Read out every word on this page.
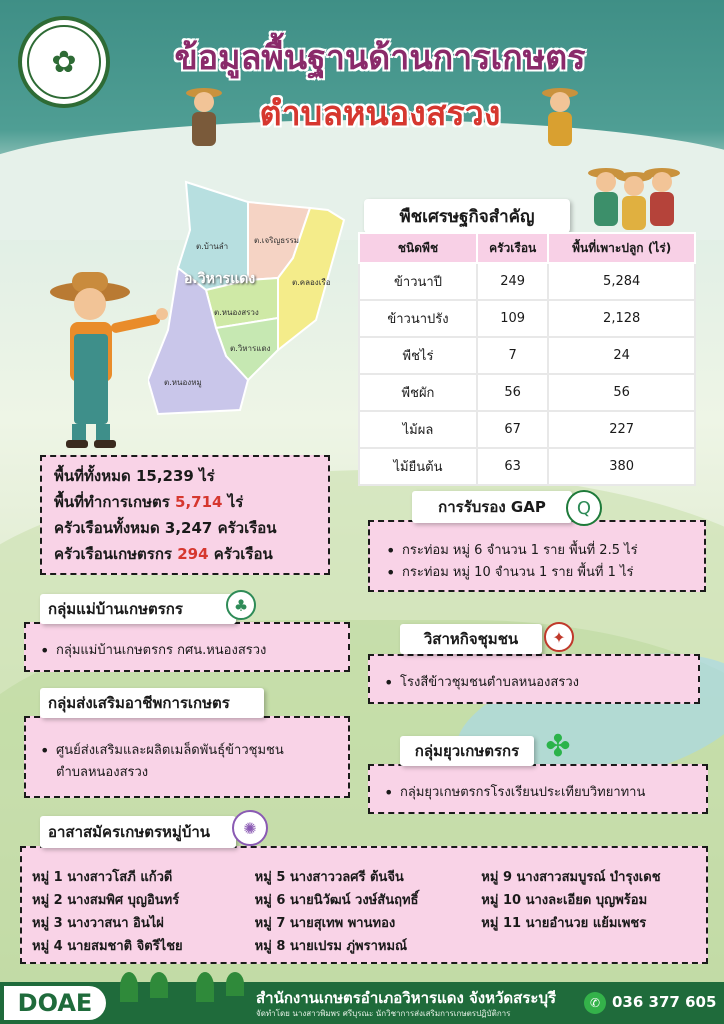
✿	ข้อมูลพื้นฐานด้านการเกษตร
ตำบลหนองสรวง
ต.บ้านลำ
ต.เจริญธรรม
ต.คลองเรือ
ต.หนองสรวง
ต.วิหารแดง
ต.หนองหมู
อ.วิหารแดง
พืชเศรษฐกิจสำคัญ
ชนิดพืช	ครัวเรือน	พื้นที่เพาะปลูก (ไร่)
ข้าวนาปี	249	5,284
ข้าวนาปรัง	109	2,128
พืชไร่	7	24
พืชผัก	56	56
ไม้ผล	67	227
ไม้ยืนต้น	63	380
พื้นที่ทั้งหมด 15,239 ไร่
พื้นที่ทำการเกษตร 5,714 ไร่
ครัวเรือนทั้งหมด 3,247 ครัวเรือน
ครัวเรือนเกษตรกร 294 ครัวเรือน	• กระท่อม หมู่ 6 จำนวน 1 ราย พื้นที่ 2.5 ไร่
• กระท่อม หมู่ 10 จำนวน 1 ราย พื้นที่ 1 ไร่
การรับรอง GAP	Q
• กลุ่มแม่บ้านเกษตรกร กศน.หนองสรวง
กลุ่มแม่บ้านเกษตรกร	♣
• โรงสีข้าวชุมชนตำบลหนองสรวง
วิสาหกิจชุมชน	✦
• ศูนย์ส่งเสริมและผลิตเมล็ดพันธุ์ข้าวชุมชน
ตำบลหนองสรวง
กลุ่มส่งเสริมอาชีพการเกษตร
• กลุ่มยุวเกษตรกรโรงเรียนประเทียบวิทยาทาน
กลุ่มยุวเกษตรกร ✤
หมู่ 1 นางสาวโสภี แก้วดี
หมู่ 2 นางสมพิศ บุญอินทร์
หมู่ 3 นางวาสนา อินไผ่
หมู่ 4 นายสมชาติ จิตรีไชย
หมู่ 5 นางสาววลศรี ต้นจีน
หมู่ 6 นายนิวัฒน์ วงษ์สันฤทธิ์
หมู่ 7 นายสุเทพ พานทอง
หมู่ 8 นายเปรม ภู่พราหมณ์
หมู่ 9 นางสาวสมบูรณ์ บำรุงเดช
หมู่ 10 นางละเอียด บุญพร้อม
หมู่ 11 นายอำนวย แย้มเพชร
อาสาสมัครเกษตรหมู่บ้าน	✺
DOAE	สำนักงานเกษตรอำเภอวิหารแดง จังหวัดสระบุรี
จัดทำโดย นางสาวพิมพร ศรีบุรณะ นักวิชาการส่งเสริมการเกษตรปฏิบัติการ
✆ 036 377 605
